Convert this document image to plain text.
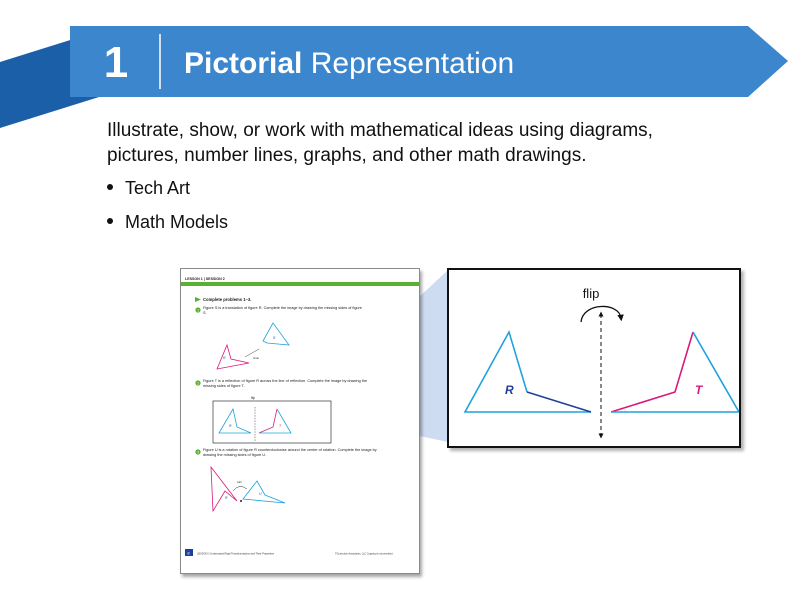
1	Pictorial Representation
Illustrate, show, or work with mathematical ideas using diagrams, pictures, number lines, graphs, and other math drawings.
Tech Art
Math Models
LESSON 1 | SESSION 2
Complete problems 1–3.
1
Figure S is a translation of figure R. Complete the image by drawing the missing sides of figure S.
R
S
slide
2
Figure T is a reflection of figure R across the line of reflection. Complete the image by drawing the missing sides of figure T.
flip
R	T
3
Figure U is a rotation of figure R counterclockwise around the center of rotation. Complete the image by drawing the missing sides of figure U.
turn
R
U
8	LESSON 1 Understand Rigid Transformations and Their Properties	©Curriculum Associates, LLC Copying is not permitted.
flip
R	T
